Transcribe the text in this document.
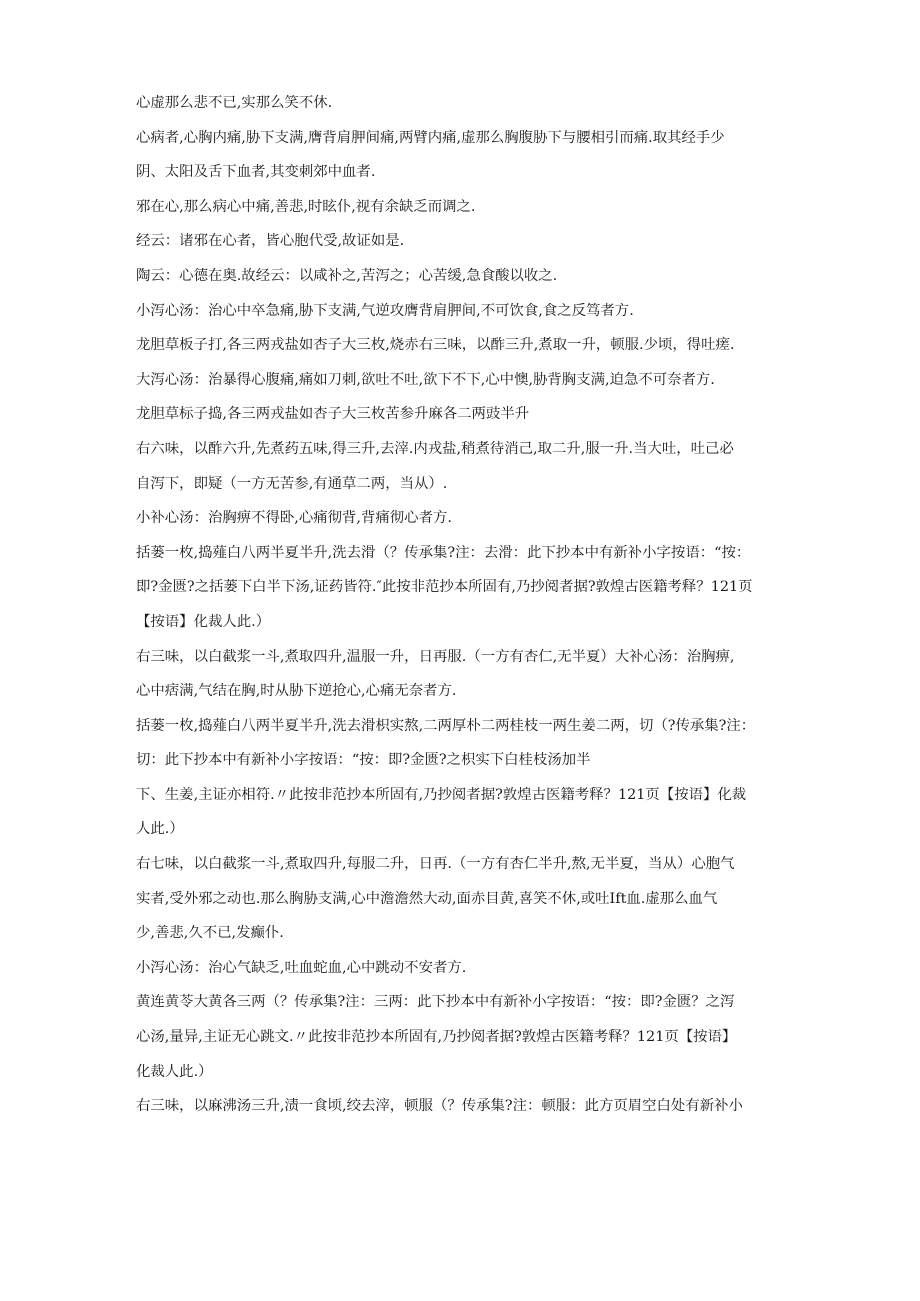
心虚那么悲不已,实那么笑不休.
心病者,心胸内痛,胁下支满,膺背肩胛间痛,两臂内痛,虚那么胸腹胁下与腰相引而痛.取其经手少
阴、太阳及舌下血者,其变刺郊中血者.
邪在心,那么病心中痛,善悲,时眩仆,视有余缺乏而调之.
经云：诸邪在心者，皆心胞代受,故证如是.
陶云：心德在奥.故经云：以咸补之,苦泻之；心苦缓,急食酸以收之.
小泻心汤：治心中卒急痛,胁下支满,气逆攻膺背肩胛间,不可饮食,食之反笃者方.
龙胆草板子打,各三两戎盐如杏子大三枚,烧赤右三味，以酢三升,煮取一升，顿服.少顷，得吐瘥.
大泻心汤：治暴得心腹痛,痛如刀刺,欲吐不吐,欲下不下,心中懊,胁背胸支满,迫急不可奈者方.
龙胆草标子捣,各三两戎盐如杏子大三枚苦参升麻各二两豉半升
右六味，以酢六升,先煮药五味,得三升,去滓.内戎盐,稍煮待消己,取二升,服一升.当大吐，吐己必
自泻下，即疑（一方无苦参,有通草二两，当从）.
小补心汤：治胸痹不得卧,心痛彻背,背痛彻心者方.
括蒌一枚,捣薤白八两半夏半升,洗去滑（？传承集?注：去滑：此下抄本中有新补小字按语：“按：
即?金匮?之括蒌下白半下汤,证药皆符.″此按非范抄本所固有,乃抄阅者据?敦煌古医籍考释？121页
【按语】化裁人此.）
右三味，以白截浆一斗,煮取四升,温服一升，日再服.（一方有杏仁,无半夏）大补心汤：治胸痹,
心中痞满,气结在胸,时从胁下逆抢心,心痛无奈者方.
括蒌一枚,捣薤白八两半夏半升,洗去滑枳实熬,二两厚朴二两桂枝一两生姜二两，切（?传承集?注：
切：此下抄本中有新补小字按语：“按：即?金匮?之枳实下白桂枝汤加半
下、生姜,主证亦相符.〃此按非范抄本所固有,乃抄阅者据?敦煌古医籍考释？121页【按语】化裁
人此.）
右七味，以白截浆一斗,煮取四升,每服二升，日再.（一方有杏仁半升,熬,无半夏，当从）心胞气
实者,受外邪之动也.那么胸胁支满,心中澹澹然大动,面赤目黄,喜笑不休,或吐Ift血.虚那么血气
少,善悲,久不已,发癫仆.
小泻心汤：治心气缺乏,吐血蛇血,心中跳动不安者方.
黄连黄苓大黄各三两（？传承集?注：三两：此下抄本中有新补小字按语：“按：即?金匮？之泻
心汤,量异,主证无心跳文.〃此按非范抄本所固有,乃抄阅者据?敦煌古医籍考释？121页【按语】
化裁人此.）
右三味，以麻沸汤三升,渍一食顷,绞去滓，顿服（？传承集?注：顿服：此方页眉空白处有新补小
